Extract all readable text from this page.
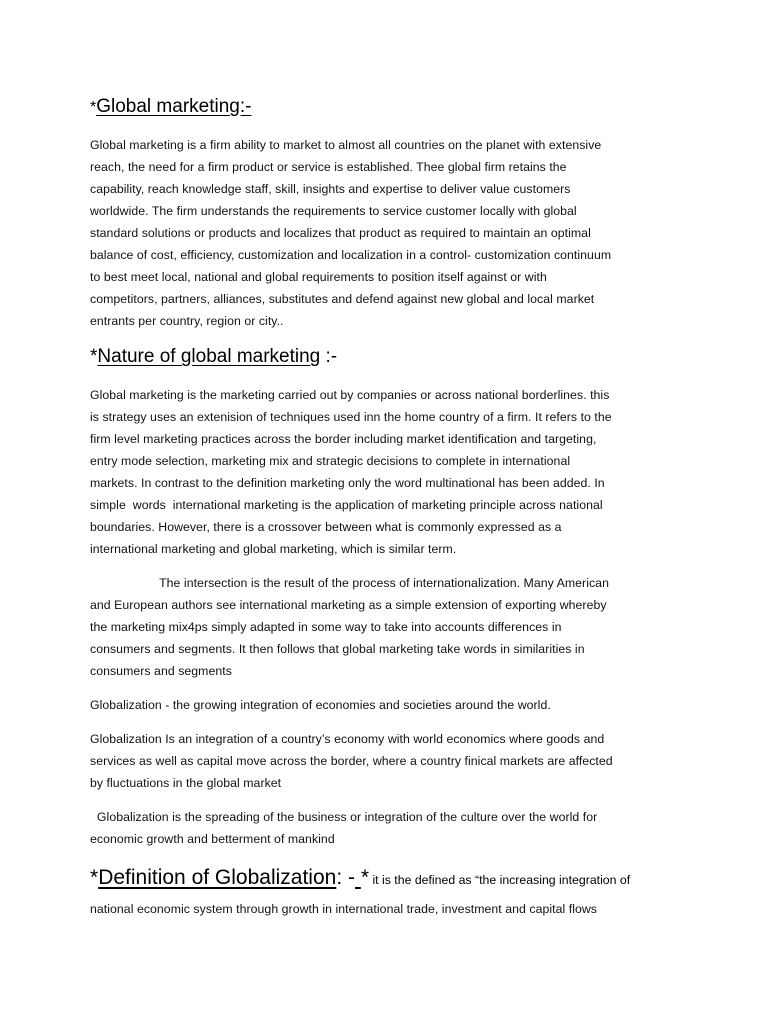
*Global marketing:-

Global marketing is a firm ability to market to almost all countries on the planet with extensive
reach, the need for a firm product or service is established. Thee global firm retains the
capability, reach knowledge staff, skill, insights and expertise to deliver value customers
worldwide. The firm understands the requirements to service customer locally with global
standard solutions or products and localizes that product as required to maintain an optimal
balance of cost, efficiency, customization and localization in a control- customization continuum
to best meet local, national and global requirements to position itself against or with
competitors, partners, alliances, substitutes and defend against new global and local market
entrants per country, region or city..

*Nature of global marketing :-

Global marketing is the marketing carried out by companies or across national borderlines. this
is strategy uses an extenision of techniques used inn the home country of a firm. It refers to the
firm level marketing practices across the border including market identification and targeting,
entry mode selection, marketing mix and strategic decisions to complete in international
markets. In contrast to the definition marketing only the word multinational has been added. In
simple  words  international marketing is the application of marketing principle across national
boundaries. However, there is a crossover between what is commonly expressed as a
international marketing and global marketing, which is similar term.

The intersection is the result of the process of internationalization. Many American
and European authors see international marketing as a simple extension of exporting whereby
the marketing mix4ps simply adapted in some way to take into accounts differences in
consumers and segments. It then follows that global marketing take words in similarities in
consumers and segments

Globalization - the growing integration of economies and societies around the world.

Globalization Is an integration of a country’s economy with world economics where goods and
services as well as capital move across the border, where a country finical markets are affected
by fluctuations in the global market

Globalization is the spreading of the business or integration of the culture over the world for
economic growth and betterment of mankind

*Definition of Globalization: - * it is the defined as “the increasing integration of

national economic system through growth in international trade, investment and capital flows
